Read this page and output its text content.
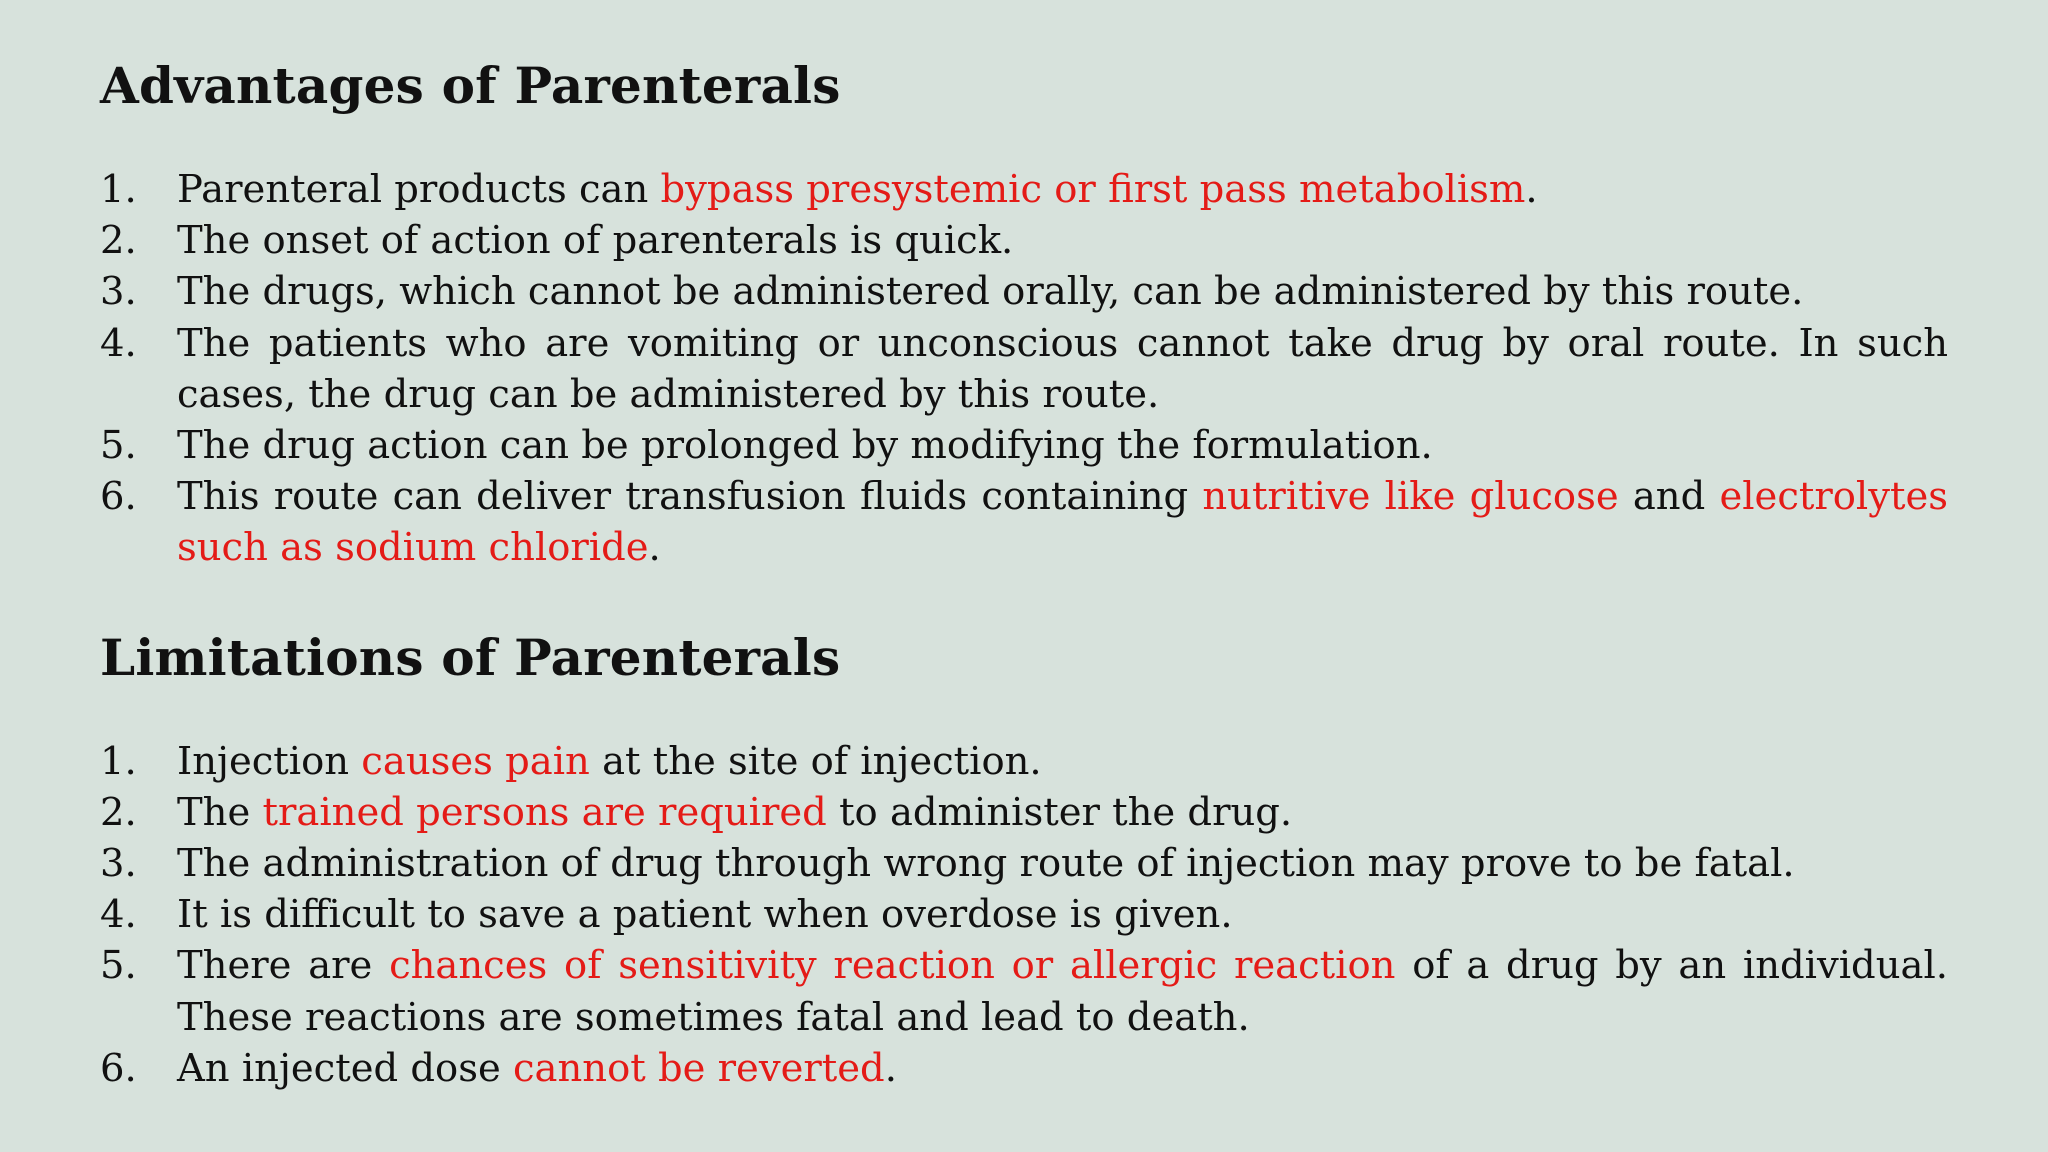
Advantages of Parenterals
1. Parenteral products can bypass presystemic or first pass metabolism.
2. The onset of action of parenterals is quick.
3. The drugs, which cannot be administered orally, can be administered by this route.
4. The patients who are vomiting or unconscious cannot take drug by oral route. In such cases, the drug can be administered by this route.
5. The drug action can be prolonged by modifying the formulation.
6. This route can deliver transfusion fluids containing nutritive like glucose and electrolytes such as sodium chloride.
Limitations of Parenterals
1. Injection causes pain at the site of injection.
2. The trained persons are required to administer the drug.
3. The administration of drug through wrong route of injection may prove to be fatal.
4. It is difficult to save a patient when overdose is given.
5. There are chances of sensitivity reaction or allergic reaction of a drug by an individual. These reactions are sometimes fatal and lead to death.
6. An injected dose cannot be reverted.
